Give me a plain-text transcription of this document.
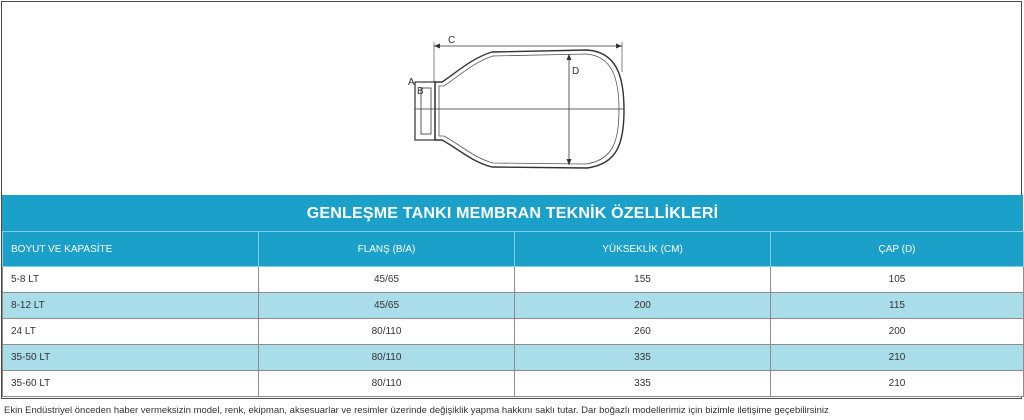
C
D
A
B
GENLEŞME TANKI MEMBRAN TEKNİK ÖZELLİKLERİ
BOYUT VE KAPASİTE	FLANŞ (B/A)	YÜKSEKLİK (CM)	ÇAP (D)
5-8 LT	45/65	155	105
8-12 LT	45/65	200	115
24 LT	80/110	260	200
35-50 LT	80/110	335	210
35-60 LT	80/110	335	210
Ekin Endüstriyel önceden haber vermeksizin model, renk, ekipman, aksesuarlar ve resimler üzerinde değişiklik yapma hakkını saklı tutar. Dar boğazlı modellerimiz için bizimle iletişime geçebilirsiniz
